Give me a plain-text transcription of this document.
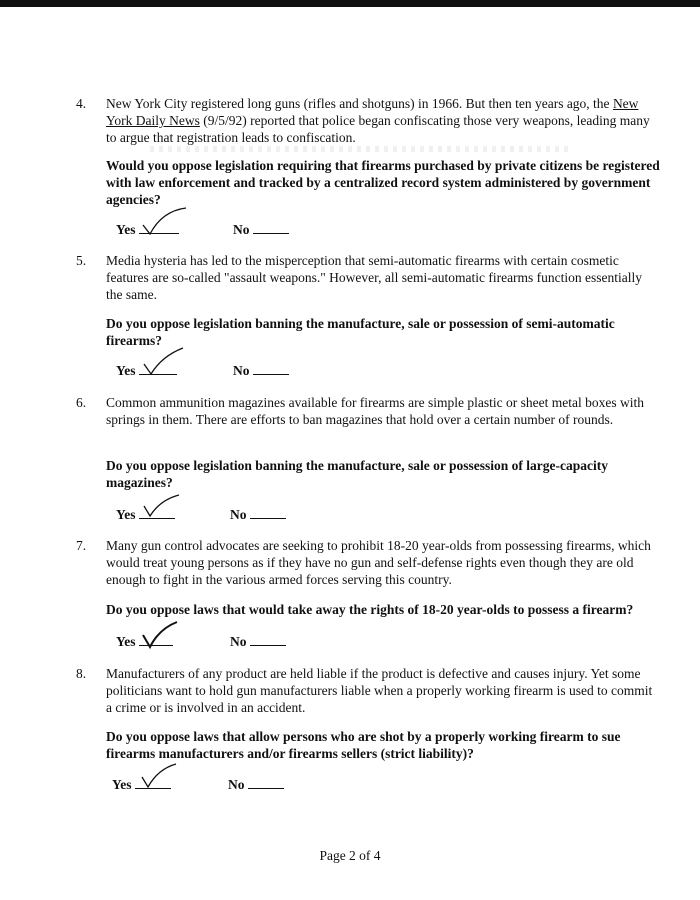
4. New York City registered long guns (rifles and shotguns) in 1966. But then ten years ago, the New York Daily News (9/5/92) reported that police began confiscating those very weapons, leading many to argue that registration leads to confiscation.

Would you oppose legislation requiring that firearms purchased by private citizens be registered with law enforcement and tracked by a centralized record system administered by government agencies?

Yes	No
5. Media hysteria has led to the misperception that semi-automatic firearms with certain cosmetic features are so-called "assault weapons." However, all semi-automatic firearms function essentially the same.

Do you oppose legislation banning the manufacture, sale or possession of semi-automatic firearms?

Yes	No
6. Common ammunition magazines available for firearms are simple plastic or sheet metal boxes with springs in them. There are efforts to ban magazines that hold over a certain number of rounds.

Do you oppose legislation banning the manufacture, sale or possession of large-capacity magazines?

Yes	No
7. Many gun control advocates are seeking to prohibit 18-20 year-olds from possessing firearms, which would treat young persons as if they have no gun and self-defense rights even though they are old enough to fight in the various armed forces serving this country.

Do you oppose laws that would take away the rights of 18-20 year-olds to possess a firearm?

Yes	No
8. Manufacturers of any product are held liable if the product is defective and causes injury. Yet some politicians want to hold gun manufacturers liable when a properly working firearm is used to commit a crime or is involved in an accident.

Do you oppose laws that allow persons who are shot by a properly working firearm to sue firearms manufacturers and/or firearms sellers (strict liability)?

Yes	No
Page 2 of 4
